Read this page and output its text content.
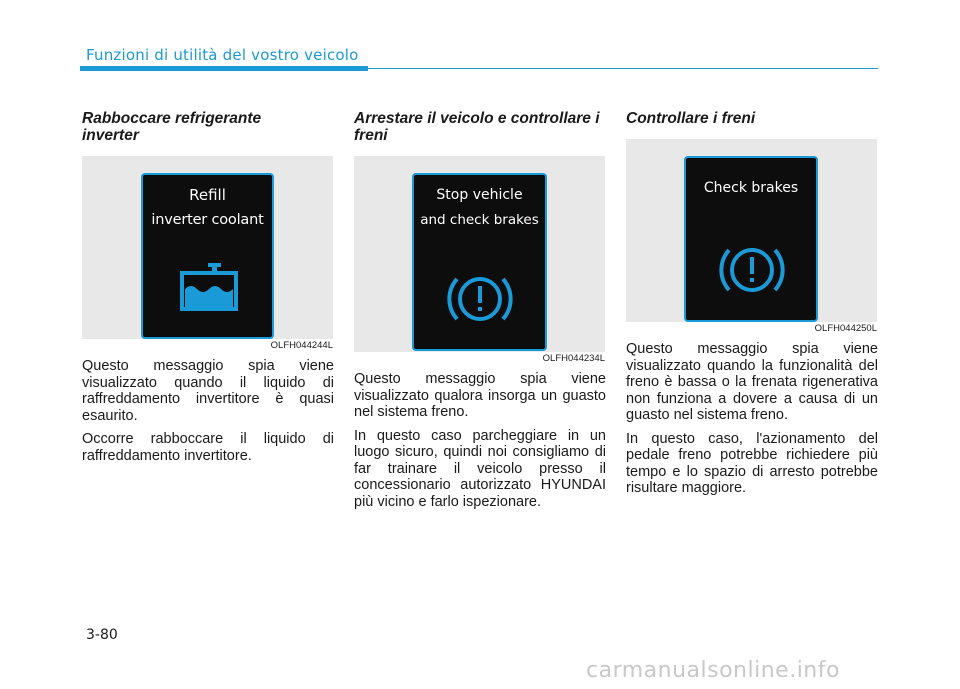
Funzioni di utilità del vostro veicolo
Rabboccare refrigerante inverter
Refill
inverter coolant
OLFH044244L

Questo messaggio spia viene visualizzato quando il liquido di raffreddamento invertitore è quasi esaurito.

Occorre rabboccare il liquido di raffreddamento invertitore.

Arrestare il veicolo e controllare i freni
Stop vehicle
and check brakes
OLFH044234L

Questo messaggio spia viene visualizzato qualora insorga un guasto nel sistema freno.

In questo caso parcheggiare in un luogo sicuro, quindi noi consigliamo di far trainare il veicolo presso il concessionario autorizzato HYUNDAI più vicino e farlo ispezionare.

Controllare i freni
Check brakes
OLFH044250L

Questo messaggio spia viene visualizzato quando la funzionalità del freno è bassa o la frenata rigenerativa non funziona a dovere a causa di un guasto nel sistema freno.

In questo caso, l'azionamento del pedale freno potrebbe richiedere più tempo e lo spazio di arresto potrebbe risultare maggiore.

3-80
carmanualsonline.info
